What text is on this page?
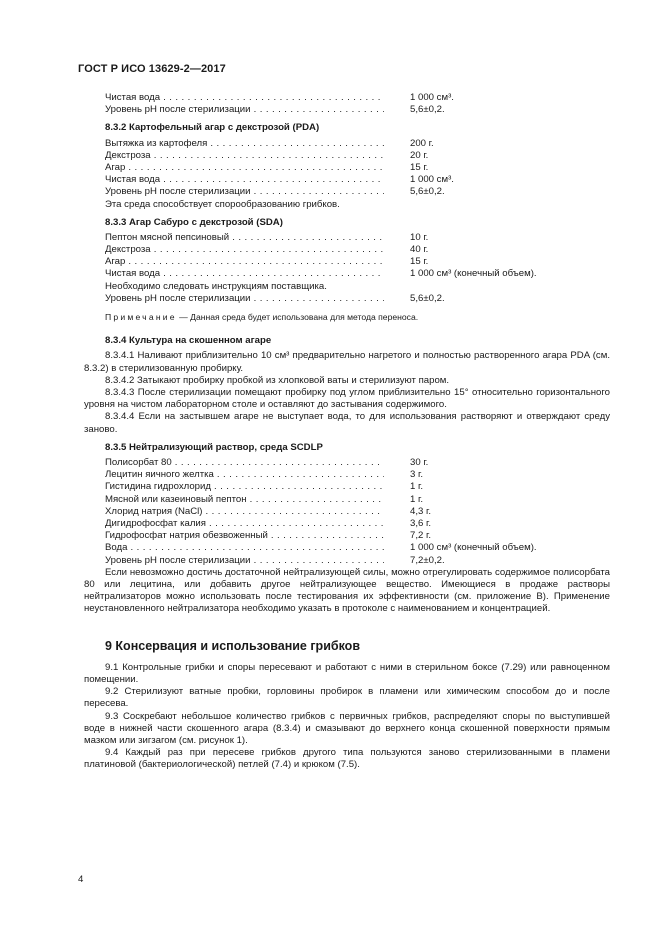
ГОСТ Р ИСО 13629-2—2017
Чистая вода . . .	1 000 см³.
Уровень рН после стерилизации . . .	5,6±0,2.
8.3.2 Картофельный агар с декстрозой (PDA)
Вытяжка из картофеля . . .	200 г.
Декстроза . . .	20 г.
Агар . . .	15 г.
Чистая вода . . .	1 000 см³.
Уровень рН после стерилизации . . .	5,6±0,2.
Эта среда способствует спорообразованию грибков.
8.3.3 Агар Сабуро с декстрозой (SDA)
Пептон мясной пепсиновый . . .	10 г.
Декстроза . . .	40 г.
Агар . . .	15 г.
Чистая вода . . .	1 000 см³ (конечный объем).
Необходимо следовать инструкциям поставщика.
Уровень рН после стерилизации . . .	5,6±0,2.
Примечание — Данная среда будет использована для метода переноса.
8.3.4 Культура на скошенном агаре
8.3.4.1 Наливают приблизительно 10 см³ предварительно нагретого и полностью растворенного агара PDA (см. 8.3.2) в стерилизованную пробирку.
8.3.4.2 Затыкают пробирку пробкой из хлопковой ваты и стерилизуют паром.
8.3.4.3 После стерилизации помещают пробирку под углом приблизительно 15° относительно горизонтального уровня на чистом лабораторном столе и оставляют до застывания содержимого.
8.3.4.4 Если на застывшем агаре не выступает вода, то для использования растворяют и отверждают среду заново.
8.3.5 Нейтрализующий раствор, среда SCDLP
Полисорбат 80 . . .	30 г.
Лецитин яичного желтка . . .	3 г.
Гистидина гидрохлорид . . .	1 г.
Мясной или казеиновый пептон . . .	1 г.
Хлорид натрия (NaCl) . . .	4,3 г.
Дигидрофосфат калия . . .	3,6 г.
Гидрофосфат натрия обезвоженный . . .	7,2 г.
Вода . . .	1 000 см³ (конечный объем).
Уровень рН после стерилизации . . .	7,2±0,2.
Если невозможно достичь достаточной нейтрализующей силы, можно отрегулировать содержимое полисорбата 80 или лецитина, или добавить другое нейтрализующее вещество. Имеющиеся в продаже растворы нейтрализаторов можно использовать после тестирования их эффективности (см. приложение В). Применение неустановленного нейтрализатора необходимо указать в протоколе с наименованием и концентрацией.
9 Консервация и использование грибков
9.1 Контрольные грибки и споры пересевают и работают с ними в стерильном боксе (7.29) или равноценном помещении.
9.2 Стерилизуют ватные пробки, горловины пробирок в пламени или химическим способом до и после пересева.
9.3 Соскребают небольшое количество грибков с первичных грибков, распределяют споры по выступившей воде в нижней части скошенного агара (8.3.4) и смазывают до верхнего конца скошенной поверхности прямым мазком или зигзагом (см. рисунок 1).
9.4 Каждый раз при пересеве грибков другого типа пользуются заново стерилизованными в пламени платиновой (бактериологической) петлей (7.4) и крюком (7.5).
4
